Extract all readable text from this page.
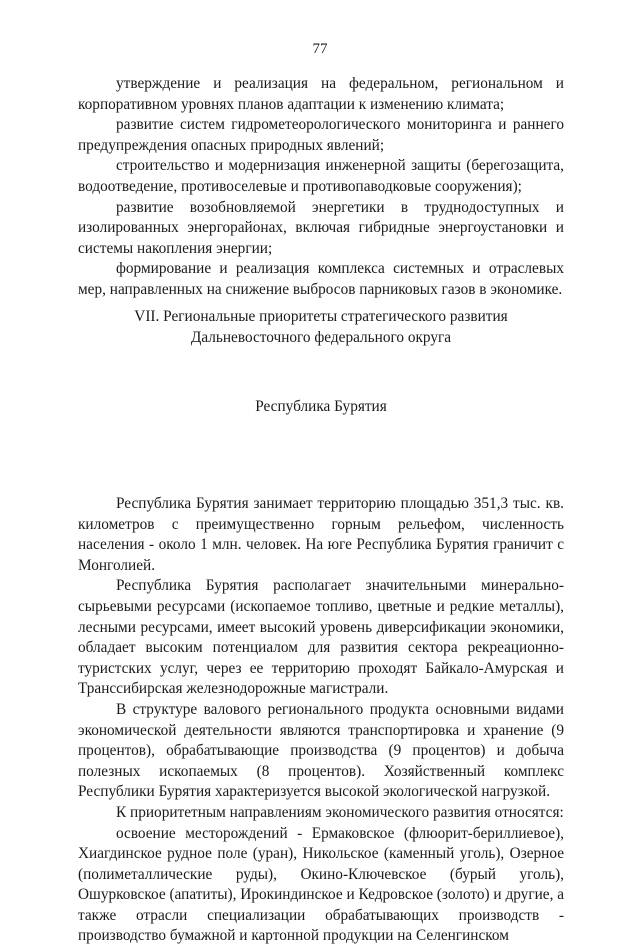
77

утверждение и реализация на федеральном, региональном и корпоративном уровнях планов адаптации к изменению климата;

развитие систем гидрометеорологического мониторинга и раннего предупреждения опасных природных явлений;

строительство и модернизация инженерной защиты (берегозащита, водоотведение, противоселевые и противопаводковые сооружения);

развитие возобновляемой энергетики в труднодоступных и изолированных энергорайонах, включая гибридные энергоустановки и системы накопления энергии;

формирование и реализация комплекса системных и отраслевых мер, направленных на снижение выбросов парниковых газов в экономике.

VII. Региональные приоритеты стратегического развития
Дальневосточного федерального округа

Республика Бурятия

Республика Бурятия занимает территорию площадью 351,3 тыс. кв. километров с преимущественно горным рельефом, численность населения - около 1 млн. человек. На юге Республика Бурятия граничит с Монголией.

Республика Бурятия располагает значительными минерально-сырьевыми ресурсами (ископаемое топливо, цветные и редкие металлы), лесными ресурсами, имеет высокий уровень диверсификации экономики, обладает высоким потенциалом для развития сектора рекреационно-туристских услуг, через ее территорию проходят Байкало-Амурская и Транссибирская железнодорожные магистрали.

В структуре валового регионального продукта основными видами экономической деятельности являются транспортировка и хранение (9 процентов), обрабатывающие производства (9 процентов) и добыча полезных ископаемых (8 процентов). Хозяйственный комплекс Республики Бурятия характеризуется высокой экологической нагрузкой.

К приоритетным направлениям экономического развития относятся:

освоение месторождений - Ермаковское (флюорит-бериллиевое), Хиагдинское рудное поле (уран), Никольское (каменный уголь), Озерное (полиметаллические руды), Окино-Ключевское (бурый уголь), Ошурковское (апатиты), Ирокиндинское и Кедровское (золото) и другие, а также отрасли специализации обрабатывающих производств - производство бумажной и картонной продукции на Селенгинском
